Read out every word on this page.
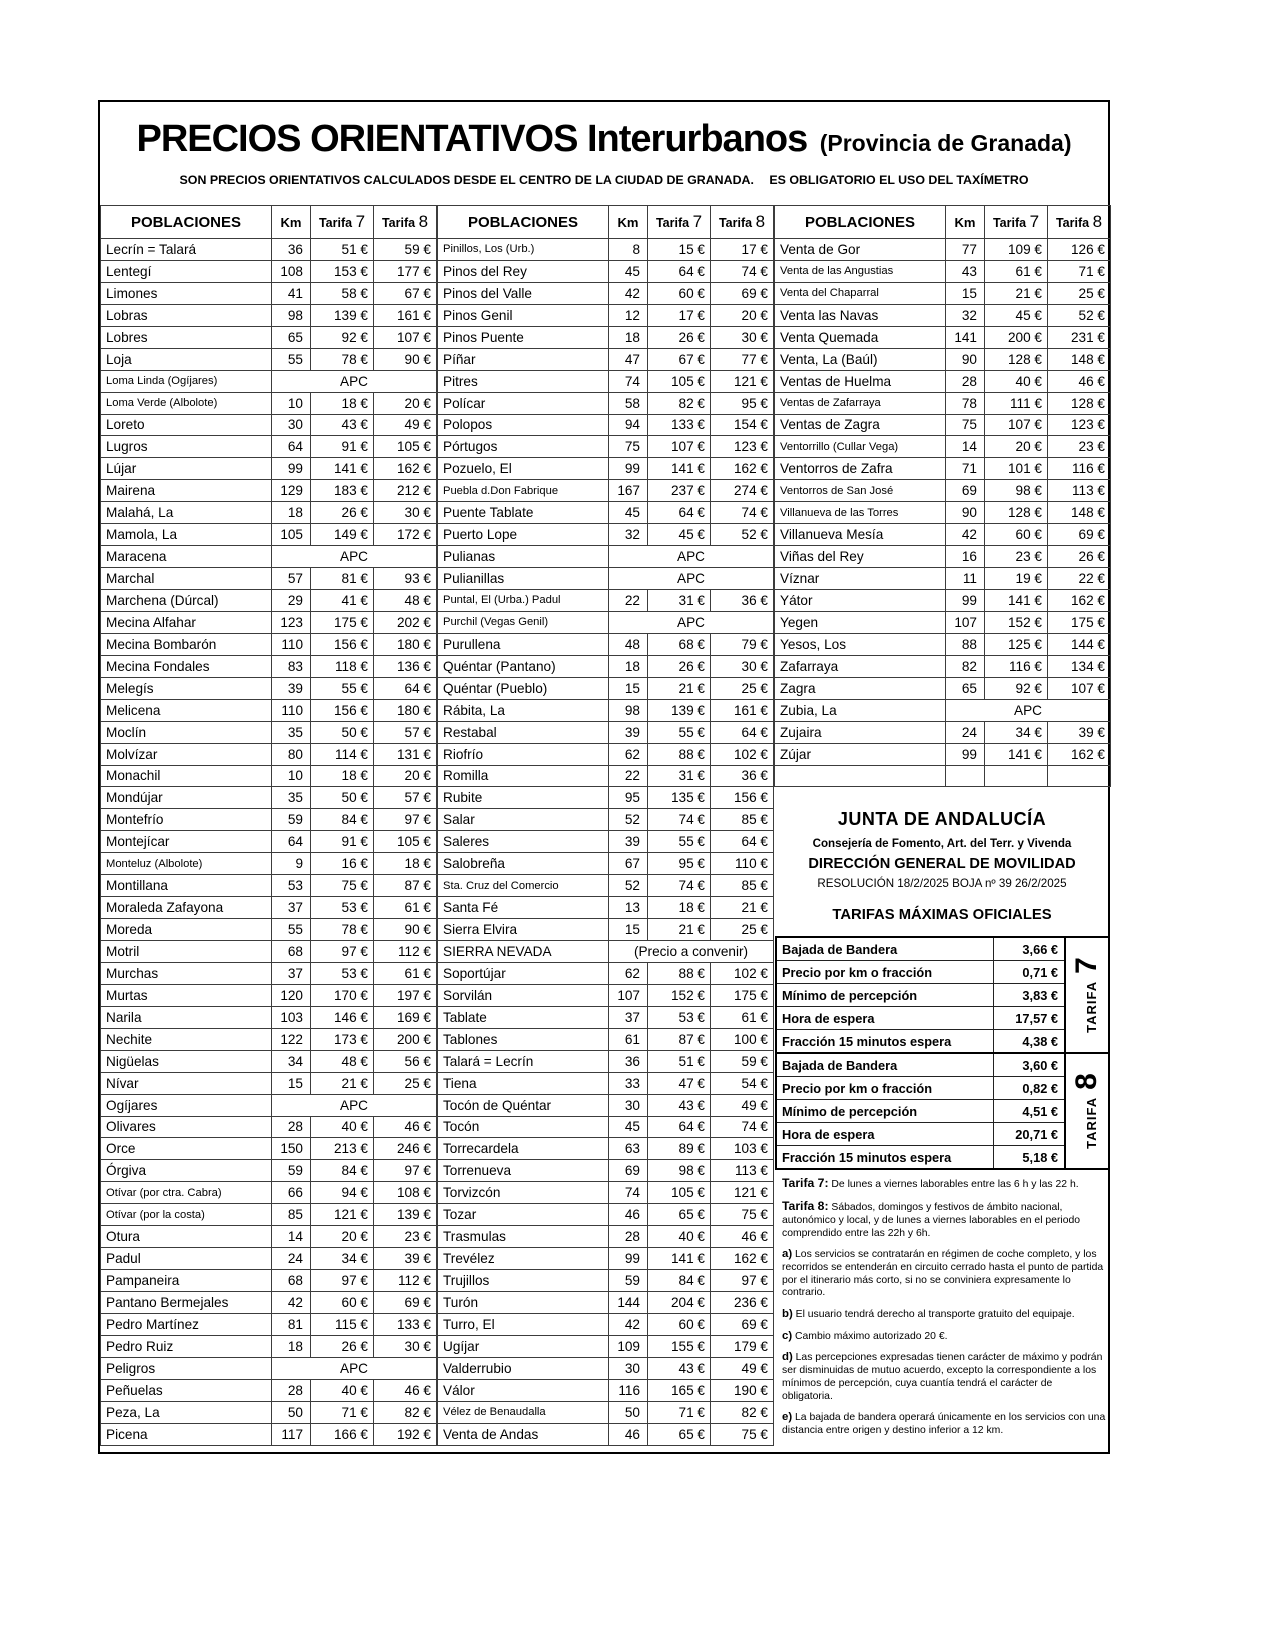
PRECIOS ORIENTATIVOS Interurbanos (Provincia de Granada)
SON PRECIOS ORIENTATIVOS CALCULADOS DESDE EL CENTRO DE LA CIUDAD DE GRANADA. ES OBLIGATORIO EL USO DEL TAXÍMETRO
POBLACIONES	Km	Tarifa 7	Tarifa 8
Lecrín = Talará	36	51 €	59 €
Lentegí	108	153 €	177 €
Limones	41	58 €	67 €
Lobras	98	139 €	161 €
Lobres	65	92 €	107 €
Loja	55	78 €	90 €
Loma Linda (Ogíjares)	APC		
Loma Verde (Albolote)	10	18 €	20 €
Loreto	30	43 €	49 €
Lugros	64	91 €	105 €
Lújar	99	141 €	162 €
Mairena	129	183 €	212 €
Malahá, La	18	26 €	30 €
Mamola, La	105	149 €	172 €
Maracena	APC		
Marchal	57	81 €	93 €
Marchena (Dúrcal)	29	41 €	48 €
Mecina Alfahar	123	175 €	202 €
Mecina Bombarón	110	156 €	180 €
Mecina Fondales	83	118 €	136 €
Melegís	39	55 €	64 €
Melicena	110	156 €	180 €
Moclín	35	50 €	57 €
Molvízar	80	114 €	131 €
Monachil	10	18 €	20 €
Mondújar	35	50 €	57 €
Montefrío	59	84 €	97 €
Montejícar	64	91 €	105 €
Monteluz (Albolote)	9	16 €	18 €
Montillana	53	75 €	87 €
Moraleda Zafayona	37	53 €	61 €
Moreda	55	78 €	90 €
Motril	68	97 €	112 €
Murchas	37	53 €	61 €
Murtas	120	170 €	197 €
Narila	103	146 €	169 €
Nechite	122	173 €	200 €
Nigüelas	34	48 €	56 €
Nívar	15	21 €	25 €
Ogíjares	APC		
Olivares	28	40 €	46 €
Orce	150	213 €	246 €
Órgiva	59	84 €	97 €
Otívar (por ctra. Cabra)	66	94 €	108 €
Otívar (por la costa)	85	121 €	139 €
Otura	14	20 €	23 €
Padul	24	34 €	39 €
Pampaneira	68	97 €	112 €
Pantano Bermejales	42	60 €	69 €
Pedro Martínez	81	115 €	133 €
Pedro Ruiz	18	26 €	30 €
Peligros	APC		
Peñuelas	28	40 €	46 €
Peza, La	50	71 €	82 €
Picena	117	166 €	192 €
POBLACIONES	Km	Tarifa 7	Tarifa 8
Pinillos, Los (Urb.)	8	15 €	17 €
Pinos del Rey	45	64 €	74 €
Pinos del Valle	42	60 €	69 €
Pinos Genil	12	17 €	20 €
Pinos Puente	18	26 €	30 €
Píñar	47	67 €	77 €
Pitres	74	105 €	121 €
Polícar	58	82 €	95 €
Polopos	94	133 €	154 €
Pórtugos	75	107 €	123 €
Pozuelo, El	99	141 €	162 €
Puebla d.Don Fabrique	167	237 €	274 €
Puente Tablate	45	64 €	74 €
Puerto Lope	32	45 €	52 €
Pulianas	APC		
Pulianillas	APC		
Puntal, El (Urba.) Padul	22	31 €	36 €
Purchil (Vegas Genil)	APC		
Purullena	48	68 €	79 €
Quéntar (Pantano)	18	26 €	30 €
Quéntar (Pueblo)	15	21 €	25 €
Rábita, La	98	139 €	161 €
Restabal	39	55 €	64 €
Riofrío	62	88 €	102 €
Romilla	22	31 €	36 €
Rubite	95	135 €	156 €
Salar	52	74 €	85 €
Saleres	39	55 €	64 €
Salobreña	67	95 €	110 €
Sta. Cruz del Comercio	52	74 €	85 €
Santa Fé	13	18 €	21 €
Sierra Elvira	15	21 €	25 €
SIERRA NEVADA	(Precio a convenir)		
Soportújar	62	88 €	102 €
Sorvilán	107	152 €	175 €
Tablate	37	53 €	61 €
Tablones	61	87 €	100 €
Talará = Lecrín	36	51 €	59 €
Tiena	33	47 €	54 €
Tocón de Quéntar	30	43 €	49 €
Tocón	45	64 €	74 €
Torrecardela	63	89 €	103 €
Torrenueva	69	98 €	113 €
Torvizcón	74	105 €	121 €
Tozar	46	65 €	75 €
Trasmulas	28	40 €	46 €
Trevélez	99	141 €	162 €
Trujillos	59	84 €	97 €
Turón	144	204 €	236 €
Turro, El	42	60 €	69 €
Ugíjar	109	155 €	179 €
Valderrubio	30	43 €	49 €
Válor	116	165 €	190 €
Vélez de Benaudalla	50	71 €	82 €
Venta de Andas	46	65 €	75 €
POBLACIONES	Km	Tarifa 7	Tarifa 8
Venta de Gor	77	109 €	126 €
Venta de las Angustias	43	61 €	71 €
Venta del Chaparral	15	21 €	25 €
Venta las Navas	32	45 €	52 €
Venta Quemada	141	200 €	231 €
Venta, La (Baúl)	90	128 €	148 €
Ventas de Huelma	28	40 €	46 €
Ventas de Zafarraya	78	111 €	128 €
Ventas de Zagra	75	107 €	123 €
Ventorrillo (Cullar Vega)	14	20 €	23 €
Ventorros de Zafra	71	101 €	116 €
Ventorros de San José	69	98 €	113 €
Villanueva de las Torres	90	128 €	148 €
Villanueva Mesía	42	60 €	69 €
Viñas del Rey	16	23 €	26 €
Víznar	11	19 €	22 €
Yátor	99	141 €	162 €
Yegen	107	152 €	175 €
Yesos, Los	88	125 €	144 €
Zafarraya	82	116 €	134 €
Zagra	65	92 €	107 €
Zubia, La	APC		
Zujaira	24	34 €	39 €
Zújar	99	141 €	162 €

JUNTA DE ANDALUCÍA
Consejería de Fomento, Art. del Terr. y Vivenda
DIRECCIÓN GENERAL DE MOVILIDAD
RESOLUCIÓN 18/2/2025 BOJA nº 39 26/2/2025
TARIFAS MÁXIMAS OFICIALES
Bajada de Bandera	3,66 €	TARIFA7

Precio por km o fracción	0,71 €	
Mínimo de percepción	3,83 €	
Hora de espera	17,57 €	
Fracción 15 minutos espera	4,38 €	
Bajada de Bandera	3,60 €	TARIFA8

Precio por km o fracción	0,82 €	
Mínimo de percepción	4,51 €	
Hora de espera	20,71 €	
Fracción 15 minutos espera	5,18 €	
Tarifa 7: De lunes a viernes laborables entre las 6 h y las 22 h.
Tarifa 8: Sábados, domingos y festivos de ámbito nacional, autonómico y local, y de lunes a viernes laborables en el periodo comprendido entre las 22h y 6h.
a) Los servicios se contratarán en régimen de coche completo, y los recorridos se entenderán en circuito cerrado hasta el punto de partida por el itinerario más corto, si no se conviniera expresamente lo contrario.
b) El usuario tendrá derecho al transporte gratuito del equipaje.
c) Cambio máximo autorizado 20 €.
d) Las percepciones expresadas tienen carácter de máximo y podrán ser disminuidas de mutuo acuerdo, excepto la correspondiente a los mínimos de percepción, cuya cuantía tendrá el carácter de obligatoria.
e) La bajada de bandera operará únicamente en los servicios con una distancia entre origen y destino inferior a 12 km.
